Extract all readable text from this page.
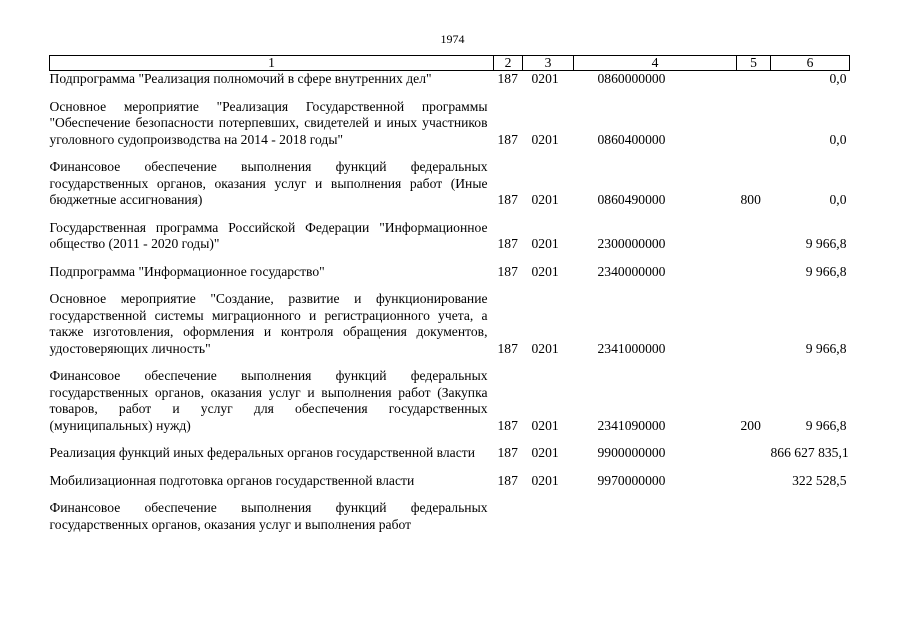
1974
1	2	3	4	5	6
Подпрограмма "Реализация полномочий в сфере внутренних дел"	187	0201	0860000000		0,0
Основное мероприятие "Реализация Государственной программы "Обеспечение безопасности потерпевших, свидетелей и иных участников уголовного судопроизводства на 2014 - 2018 годы"	187	0201	0860400000		0,0
Финансовое обеспечение выполнения функций федеральных государственных органов, оказания услуг и выполнения работ (Иные бюджетные ассигнования)	187	0201	0860490000	800	0,0
Государственная программа Российской Федерации "Информационное общество (2011 - 2020 годы)"	187	0201	2300000000		9 966,8
Подпрограмма "Информационное государство"	187	0201	2340000000		9 966,8
Основное мероприятие "Создание, развитие и функционирование государственной системы миграционного и регистрационного учета, а также изготовления, оформления и контроля обращения документов, удостоверяющих личность"	187	0201	2341000000		9 966,8
Финансовое обеспечение выполнения функций федеральных государственных органов, оказания услуг и выполнения работ (Закупка товаров, работ и услуг для обеспечения государственных (муниципальных) нужд)	187	0201	2341090000	200	9 966,8
Реализация функций иных федеральных органов государственной власти	187	0201	9900000000		866 627 835,1
Мобилизационная подготовка органов государственной власти	187	0201	9970000000		322 528,5
Финансовое обеспечение выполнения функций федеральных государственных органов, оказания услуг и выполнения работ					
